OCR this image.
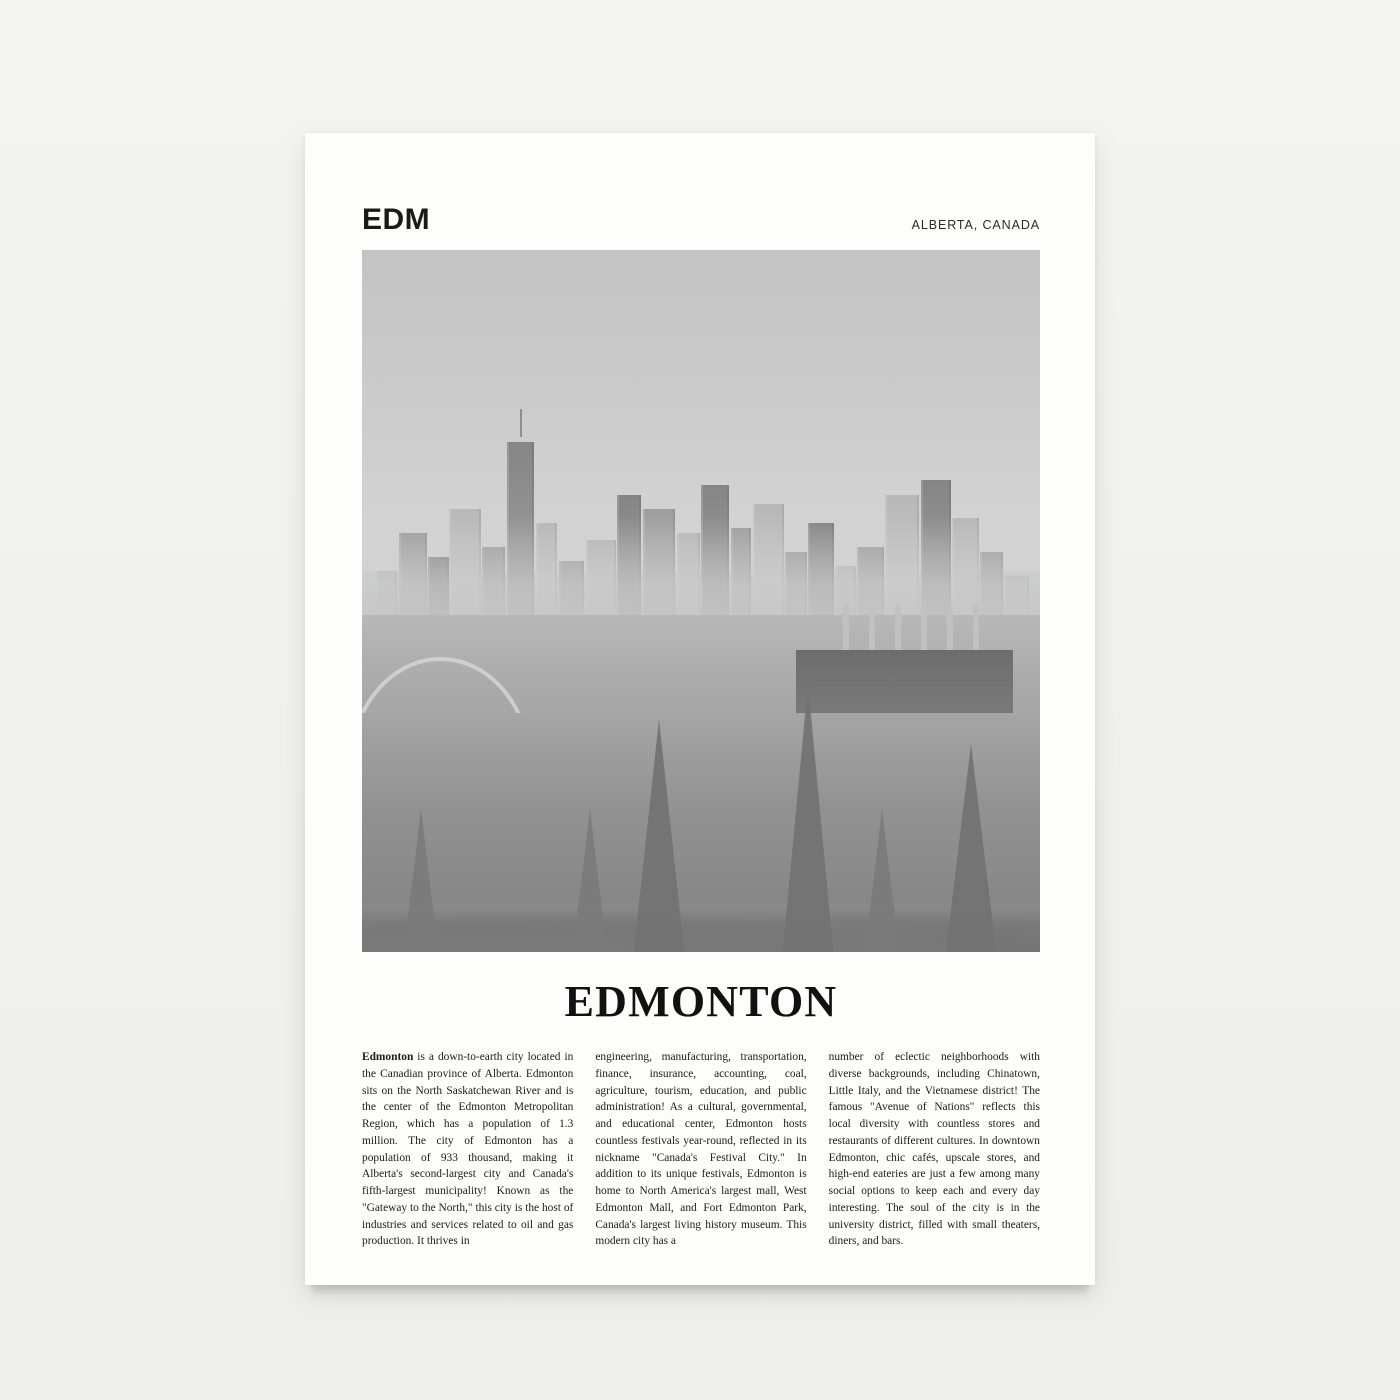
EDM	ALBERTA, CANADA
EDMONTON
Edmonton is a down-to-earth city located in the Canadian province of Alberta. Edmonton sits on the North Saskatchewan River and is the center of the Edmonton Metropolitan Region, which has a population of 1.3 million. The city of Edmonton has a population of 933 thousand, making it Alberta's second-largest city and Canada's fifth-largest municipality! Known as the "Gateway to the North," this city is the host of industries and services related to oil and gas production. It thrives in
engineering, manufacturing, transportation, finance, insurance, accounting, coal, agriculture, tourism, education, and public administration! As a cultural, governmental, and educational center, Edmonton hosts countless festivals year-round, reflected in its nickname "Canada's Festival City." In addition to its unique festivals, Edmonton is home to North America's largest mall, West Edmonton Mall, and Fort Edmonton Park, Canada's largest living history museum. This modern city has a
number of eclectic neighborhoods with diverse backgrounds, including Chinatown, Little Italy, and the Vietnamese district! The famous "Avenue of Nations" reflects this local diversity with countless stores and restaurants of different cultures. In downtown Edmonton, chic cafés, upscale stores, and high-end eateries are just a few among many social options to keep each and every day interesting. The soul of the city is in the university district, filled with small theaters, diners, and bars.
